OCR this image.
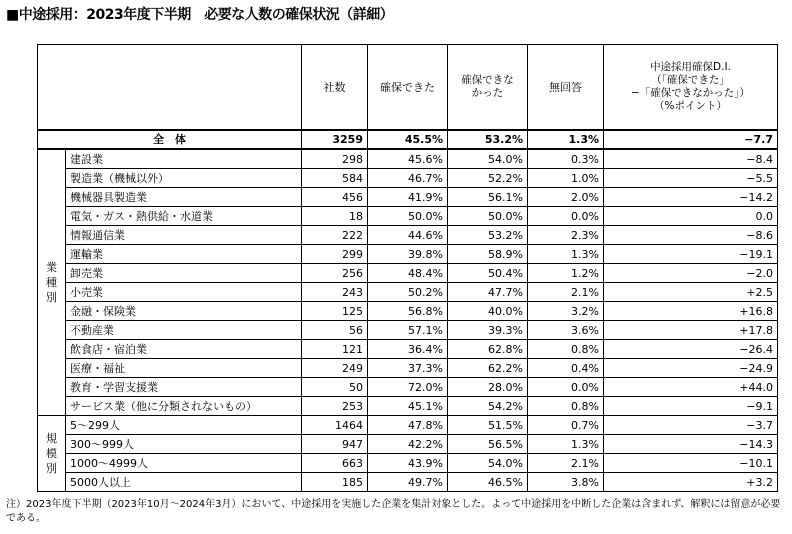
■中途採用：2023年度下半期　必要な人数の確保状況（詳細）
		社数	確保できた	確保できな
かった	無回答	中途採用確保D.I.
（「確保できた」
−「確保できなかった」）
（%ポイント）
全　体		3259	45.5%	53.2%	1.3%	−7.7
業
種
別	建設業	298	45.6%	54.0%	0.3%	−8.4
	製造業（機械以外）	584	46.7%	52.2%	1.0%	−5.5
	機械器具製造業	456	41.9%	56.1%	2.0%	−14.2
	電気・ガス・熱供給・水道業	18	50.0%	50.0%	0.0%	0.0
	情報通信業	222	44.6%	53.2%	2.3%	−8.6
	運輸業	299	39.8%	58.9%	1.3%	−19.1
	卸売業	256	48.4%	50.4%	1.2%	−2.0
	小売業	243	50.2%	47.7%	2.1%	+2.5
	金融・保険業	125	56.8%	40.0%	3.2%	+16.8
	不動産業	56	57.1%	39.3%	3.6%	+17.8
	飲食店・宿泊業	121	36.4%	62.8%	0.8%	−26.4
	医療・福祉	249	37.3%	62.2%	0.4%	−24.9
	教育・学習支援業	50	72.0%	28.0%	0.0%	+44.0
	サービス業（他に分類されないもの）	253	45.1%	54.2%	0.8%	−9.1
規
模
別	5～299人	1464	47.8%	51.5%	0.7%	−3.7
	300～999人	947	42.2%	56.5%	1.3%	−14.3
	1000～4999人	663	43.9%	54.0%	2.1%	−10.1
	5000人以上	185	49.7%	46.5%	3.8%	+3.2
注）2023年度下半期（2023年10月～2024年3月）において、中途採用を実施した企業を集計対象とした。よって中途採用を中断した企業は含まれず、解釈には留意が必要である。
